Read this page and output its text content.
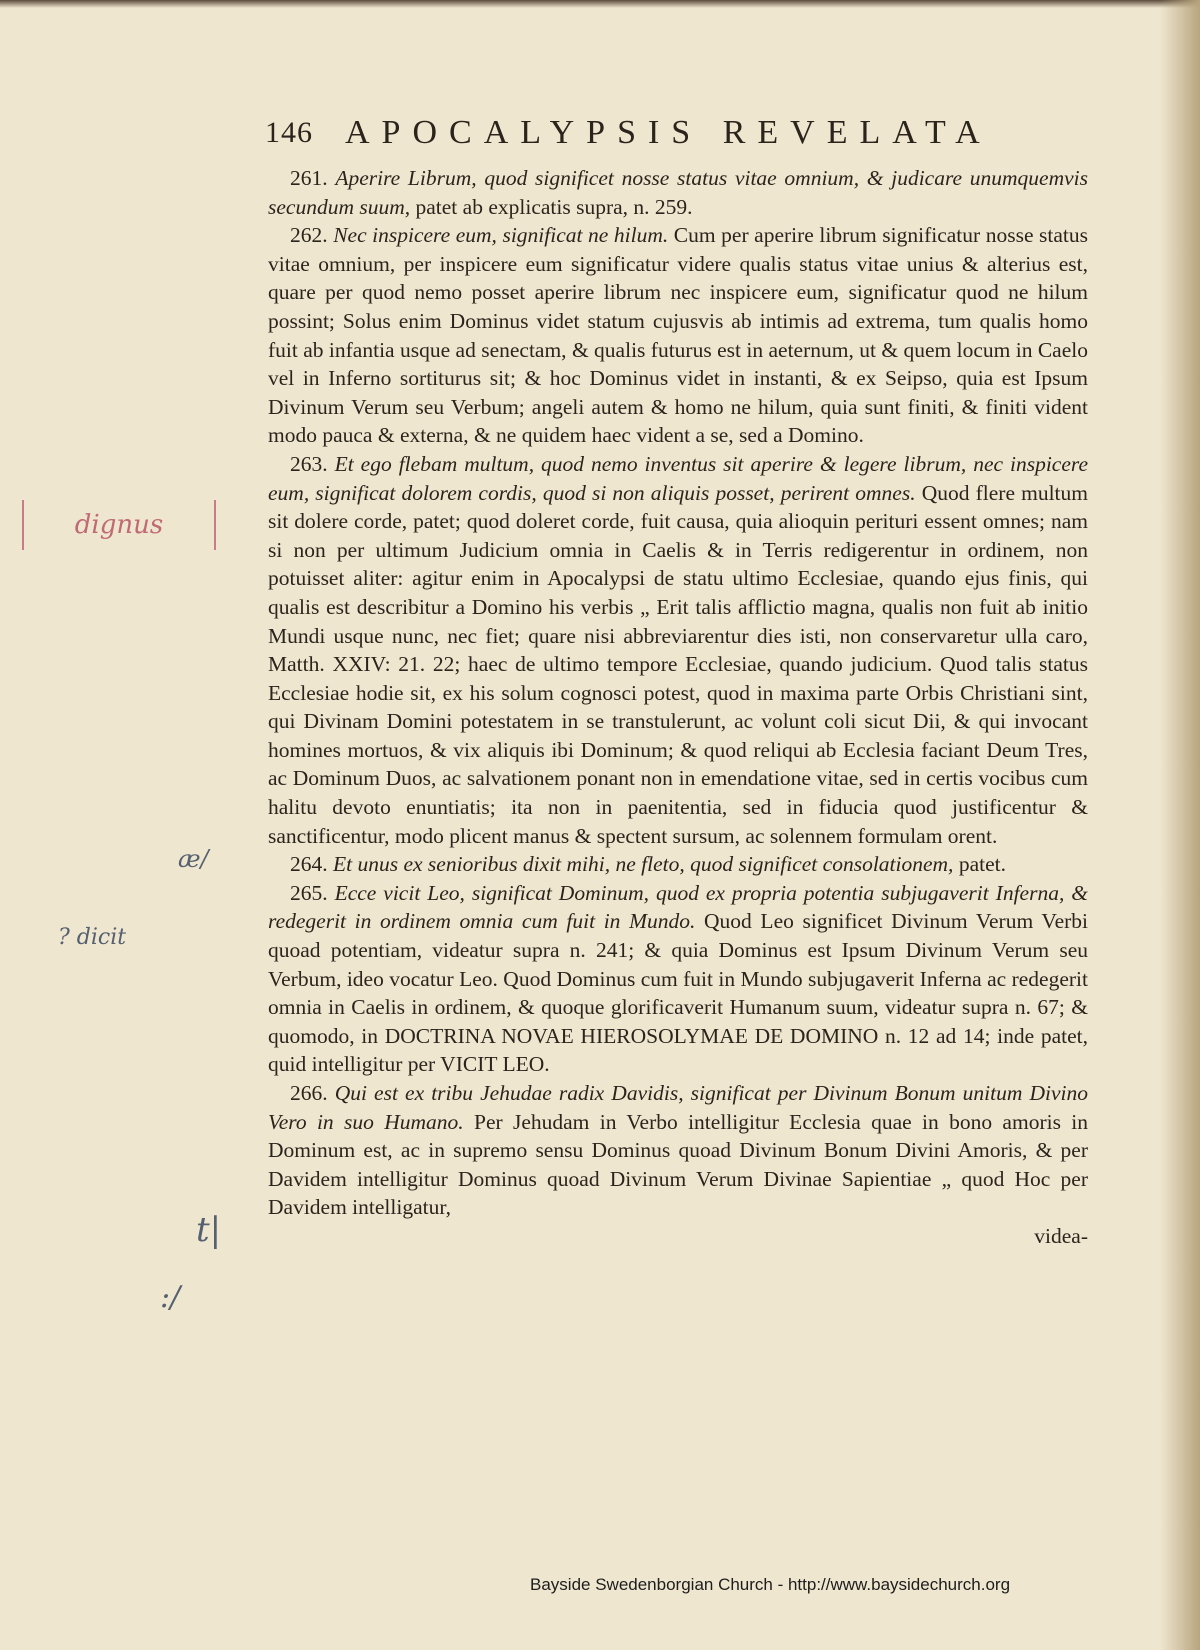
146 APOCALYPSIS REVELATA

261. Aperire Librum, quod significet nosse status vitae omnium, & judicare unumquemvis secundum suum, patet ab explicatis supra, n. 259.

262. Nec inspicere eum, significat ne hilum. Cum per aperire librum significatur nosse status vitae omnium, per inspicere eum significatur videre qualis status vitae unius & alterius est, quare per quod nemo posset aperire librum nec inspicere eum, significatur quod ne hilum possint; Solus enim Dominus videt statum cujusvis ab intimis ad extrema, tum qualis homo fuit ab infantia usque ad senectam, & qualis futurus est in aeternum, ut & quem locum in Caelo vel in Inferno sortiturus sit; & hoc Dominus videt in instanti, & ex Seipso, quia est Ipsum Divinum Verum seu Verbum; angeli autem & homo ne hilum, quia sunt finiti, & finiti vident modo pauca & externa, & ne quidem haec vident a se, sed a Domino.

263. Et ego flebam multum, quod nemo inventus sit aperire & legere librum, nec inspicere eum, significat dolorem cordis, quod si non aliquis posset, perirent omnes. Quod flere multum sit dolere corde, patet; quod doleret corde, fuit causa, quia alioquin perituri essent omnes; nam si non per ultimum Judicium omnia in Caelis & in Terris redigerentur in ordinem, non potuisset aliter: agitur enim in Apocalypsi de statu ultimo Ecclesiae, quando ejus finis, qui qualis est describitur a Domino his verbis „ Erit talis afflictio magna, qualis non fuit ab initio Mundi usque nunc, nec fiet; quare nisi abbreviarentur dies isti, non conservaretur ulla caro, Matth. XXIV: 21. 22; haec de ultimo tempore Ecclesiae, quando judicium. Quod talis status Ecclesiae hodie sit, ex his solum cognosci potest, quod in maxima parte Orbis Christiani sint, qui Divinam Domini potestatem in se transtulerunt, ac volunt coli sicut Dii, & qui invocant homines mortuos, & vix aliquis ibi Dominum; & quod reliqui ab Ecclesia faciant Deum Tres, ac Dominum Duos, ac salvationem ponant non in emendatione vitae, sed in certis vocibus cum halitu devoto enuntiatis; ita non in paenitentia, sed in fiducia quod justificentur & sanctificentur, modo plicent manus & spectent sursum, ac solennem formulam orent.

264. Et unus ex senioribus dixit mihi, ne fleto, quod significet consolationem, patet.

265. Ecce vicit Leo, significat Dominum, quod ex propria potentia subjugaverit Inferna, & redegerit in ordinem omnia cum fuit in Mundo. Quod Leo significet Divinum Verum Verbi quoad potentiam, videatur supra n. 241; & quia Dominus est Ipsum Divinum Verum seu Verbum, ideo vocatur Leo. Quod Dominus cum fuit in Mundo subjugaverit Inferna ac redegerit omnia in Caelis in ordinem, & quoque glorificaverit Humanum suum, videatur supra n. 67; & quomodo, in DOCTRINA NOVAE HIEROSOLYMAE DE DOMINO n. 12 ad 14; inde patet, quid intelligitur per VICIT LEO.

266. Qui est ex tribu Jehudae radix Davidis, significat per Divinum Bonum unitum Divino Vero in suo Humano. Per Jehudam in Verbo intelligitur Ecclesia quae in bono amoris in Dominum est, ac in supremo sensu Dominus quoad Divinum Bonum Divini Amoris, & per Davidem intelligitur Dominus quoad Divinum Verum Divinae Sapientiae „ quod Hoc per Davidem intelligatur,

videa-
dignus
æ/
? dicit
t|
:/
Bayside Swedenborgian Church - http://www.baysidechurch.org
